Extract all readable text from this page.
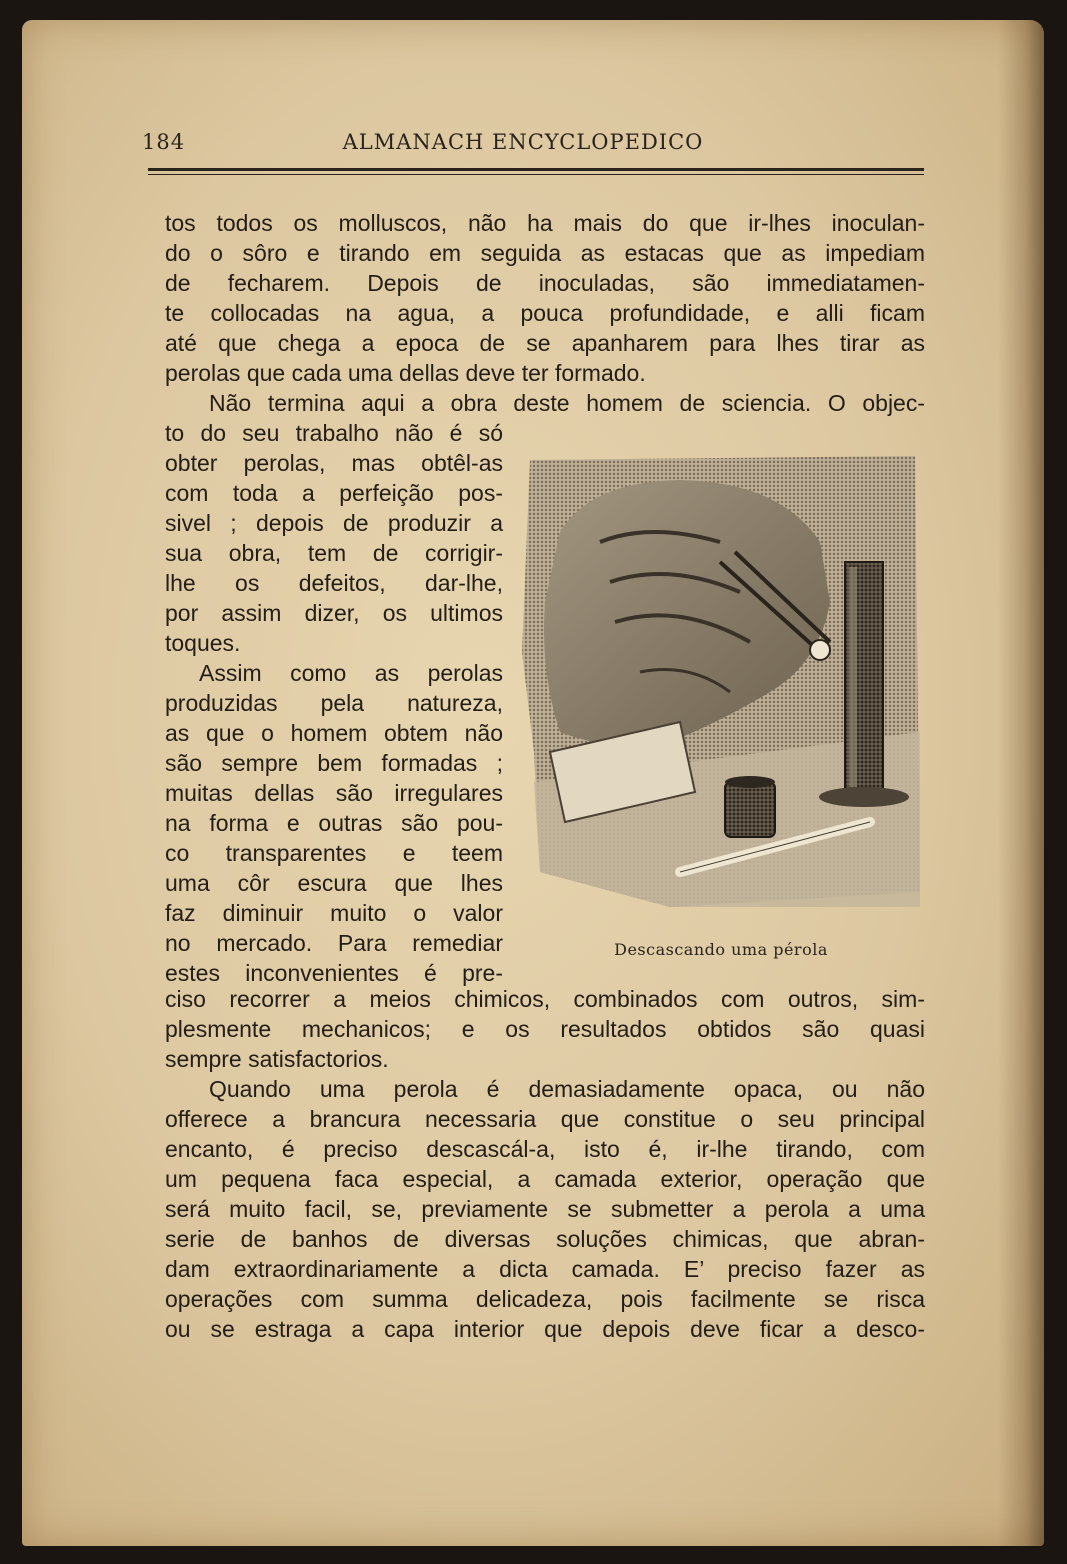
184	ALMANACH ENCYCLOPEDICO
tos todos os molluscos, não ha mais do que ir-lhes inoculan-
do o sôro e tirando em seguida as estacas que as impediam
de fecharem. Depois de inoculadas, são immediatamen-
te collocadas na agua, a pouca profundidade, e alli ficam
até que chega a epoca de se apanharem para lhes tirar as
perolas que cada uma dellas deve ter formado.
Não termina aqui a obra deste homem de sciencia. O objec-
to do seu trabalho não é só
obter perolas, mas obtêl-as
com toda a perfeição pos-
sivel ; depois de produzir a
sua obra, tem de corrigir-
lhe os defeitos, dar-lhe,
por assim dizer, os ultimos
toques.
Assim como as perolas
produzidas pela natureza,
as que o homem obtem não
são sempre bem formadas ;
muitas dellas são irregulares
na forma e outras são pou-
co transparentes e teem
uma côr escura que lhes
faz diminuir muito o valor
no mercado. Para remediar
estes inconvenientes é pre-
Descascando uma pérola
ciso recorrer a meios chimicos, combinados com outros, sim-
plesmente mechanicos; e os resultados obtidos são quasi
sempre satisfactorios.
Quando uma perola é demasiadamente opaca, ou não
offerece a brancura necessaria que constitue o seu principal
encanto, é preciso descascál-a, isto é, ir-lhe tirando, com
um pequena faca especial, a camada exterior, operação que
será muito facil, se, previamente se submetter a perola a uma
serie de banhos de diversas soluções chimicas, que abran-
dam extraordinariamente a dicta camada. E’ preciso fazer as
operações com summa delicadeza, pois facilmente se risca
ou se estraga a capa interior que depois deve ficar a desco-
